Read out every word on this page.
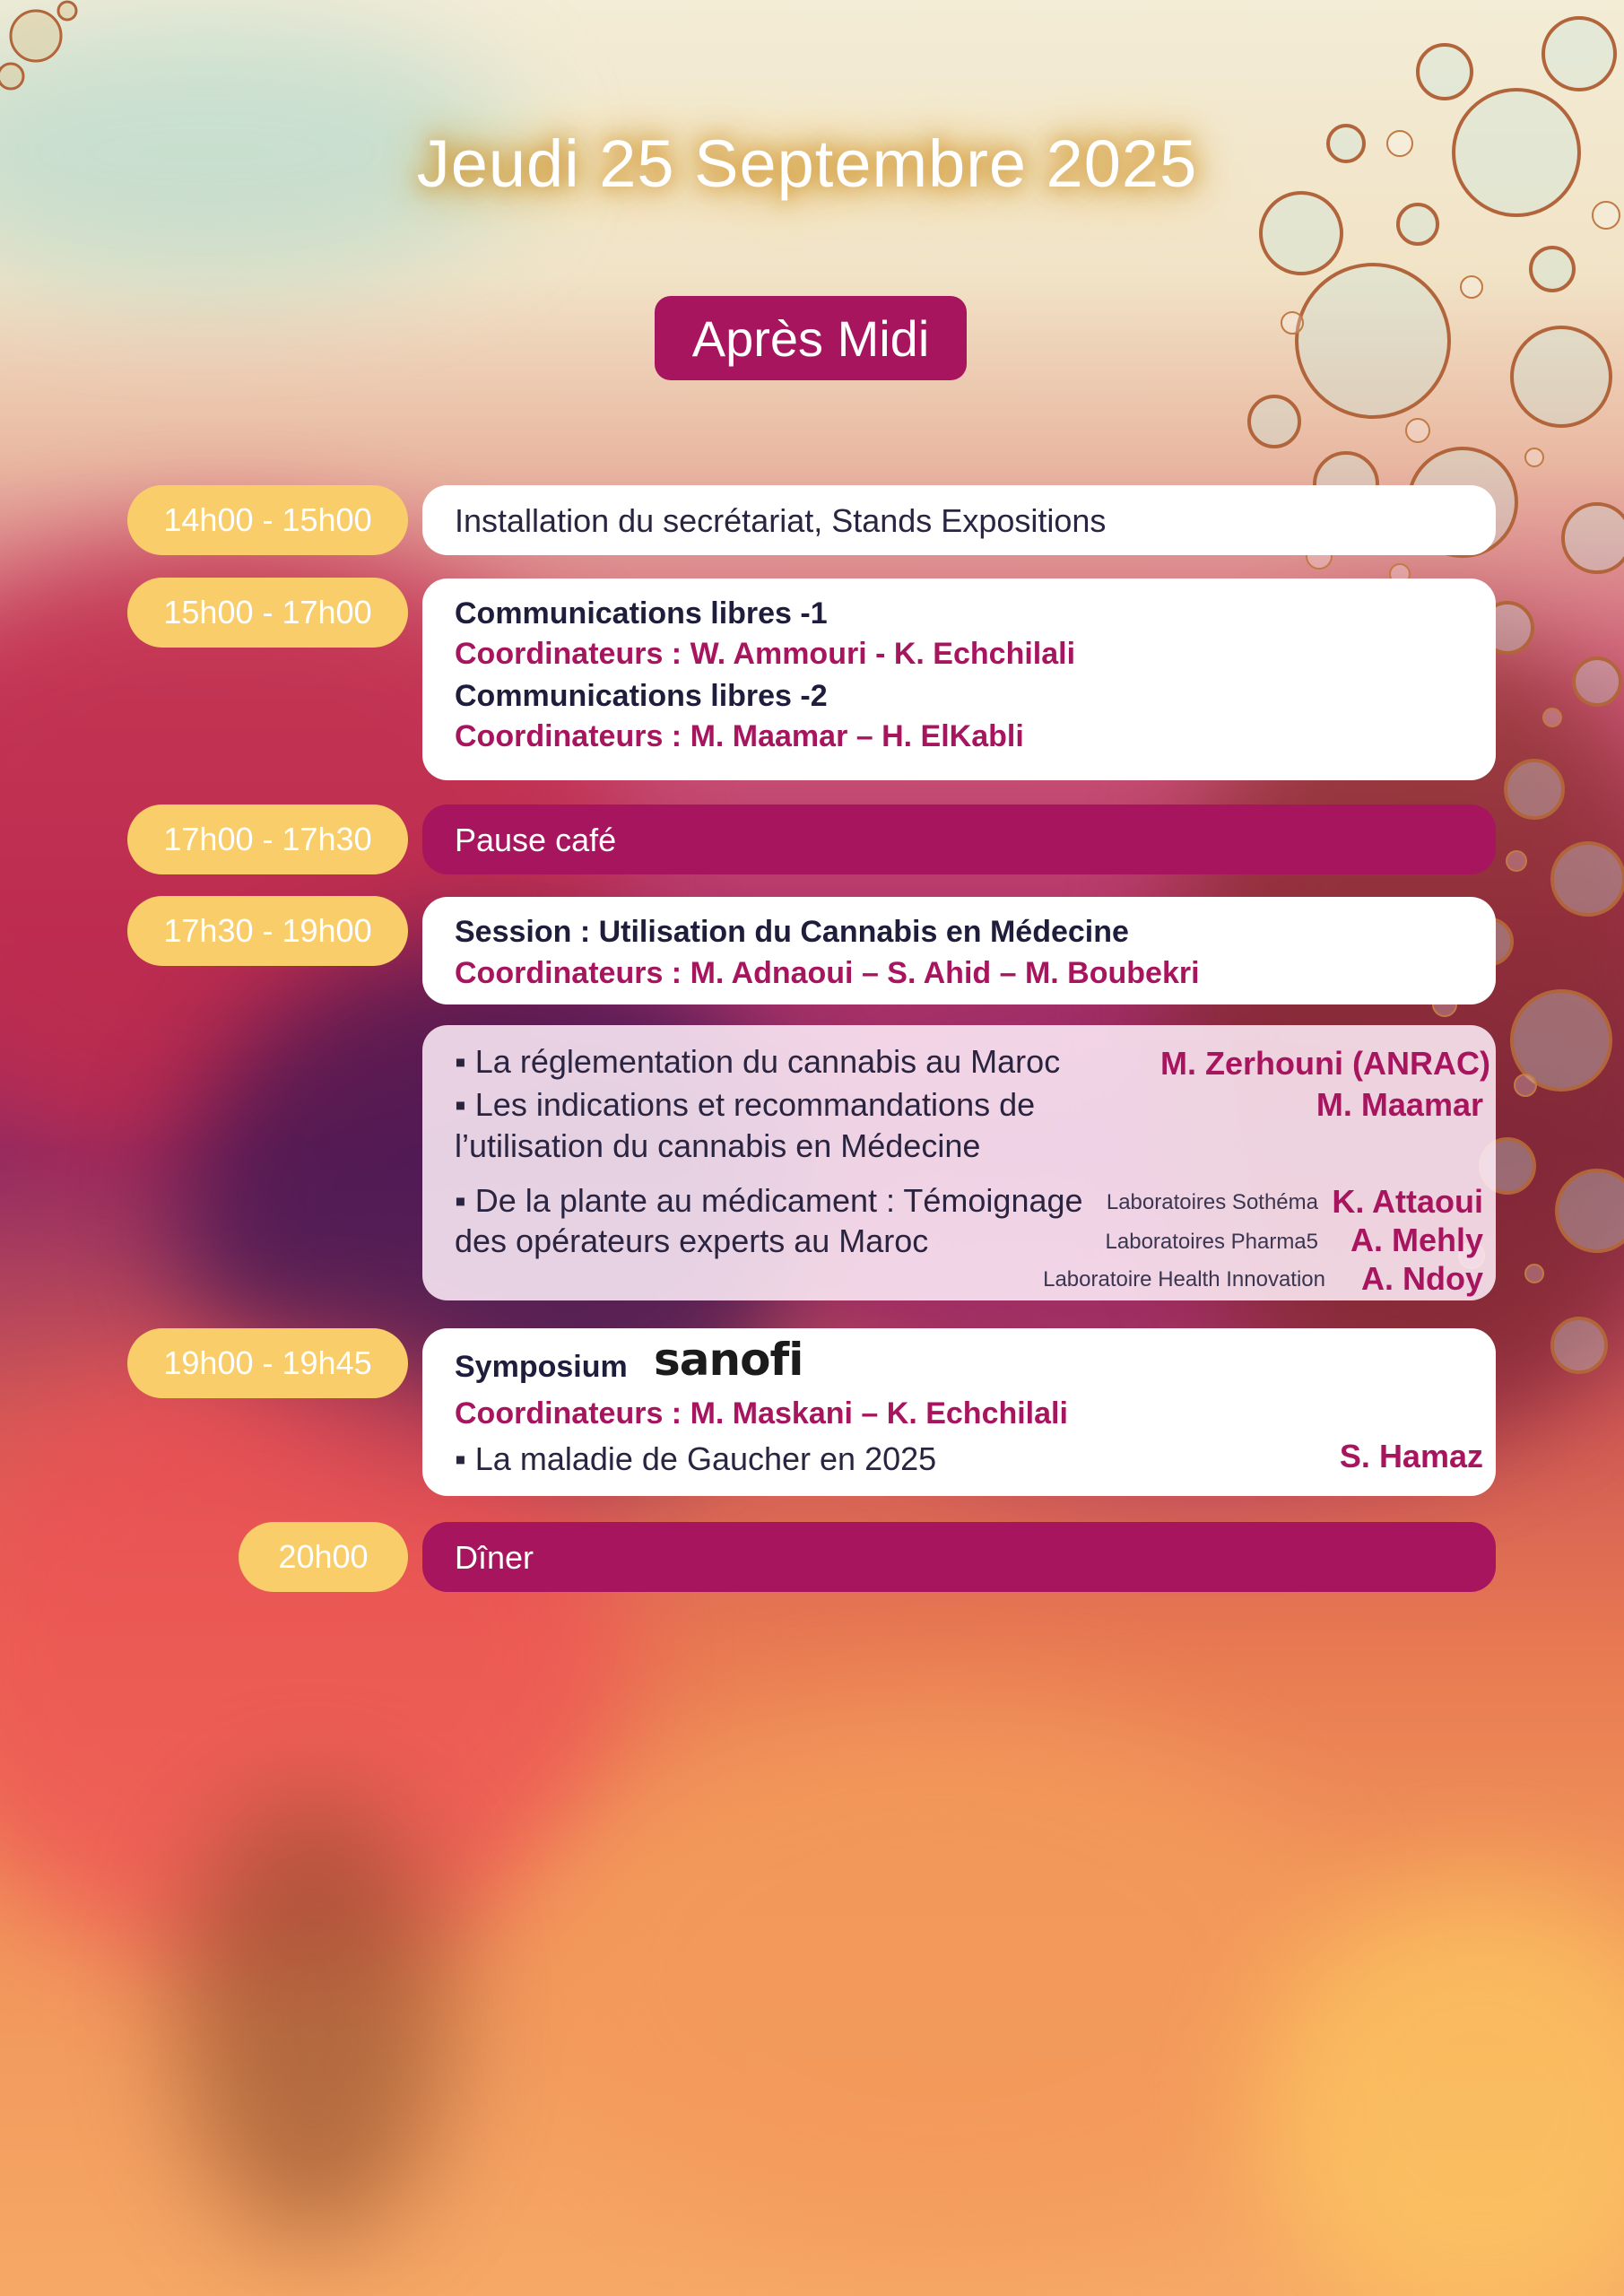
Jeudi 25 Septembre 2025
Après Midi
14h00 - 15h00	Installation du secrétariat, Stands Expositions
15h00 - 17h00	Communications libres -1
Coordinateurs : W. Ammouri - K. Echchilali
Communications libres -2
Coordinateurs : M. Maamar – H. ElKabli
17h00 - 17h30	Pause café
17h30 - 19h00	Session : Utilisation du Cannabis en Médecine
Coordinateurs : M. Adnaoui – S. Ahid – M. Boubekri
▪ La réglementation du cannabis au Maroc	M. Zerhouni (ANRAC)
▪ Les indications et recommandations de
l’utilisation du cannabis en Médecine
M. Maamar
▪ De la plante au médicament : Témoignage
des opérateurs experts au Maroc
Laboratoires Sothéma K. Attaoui
Laboratoires Pharma5 A. Mehly
Laboratoire Health Innovation A. Ndoy
19h00 - 19h45	Symposium sanofi
Coordinateurs : M. Maskani – K. Echchilali
▪ La maladie de Gaucher en 2025	S. Hamaz
20h00	Dîner
